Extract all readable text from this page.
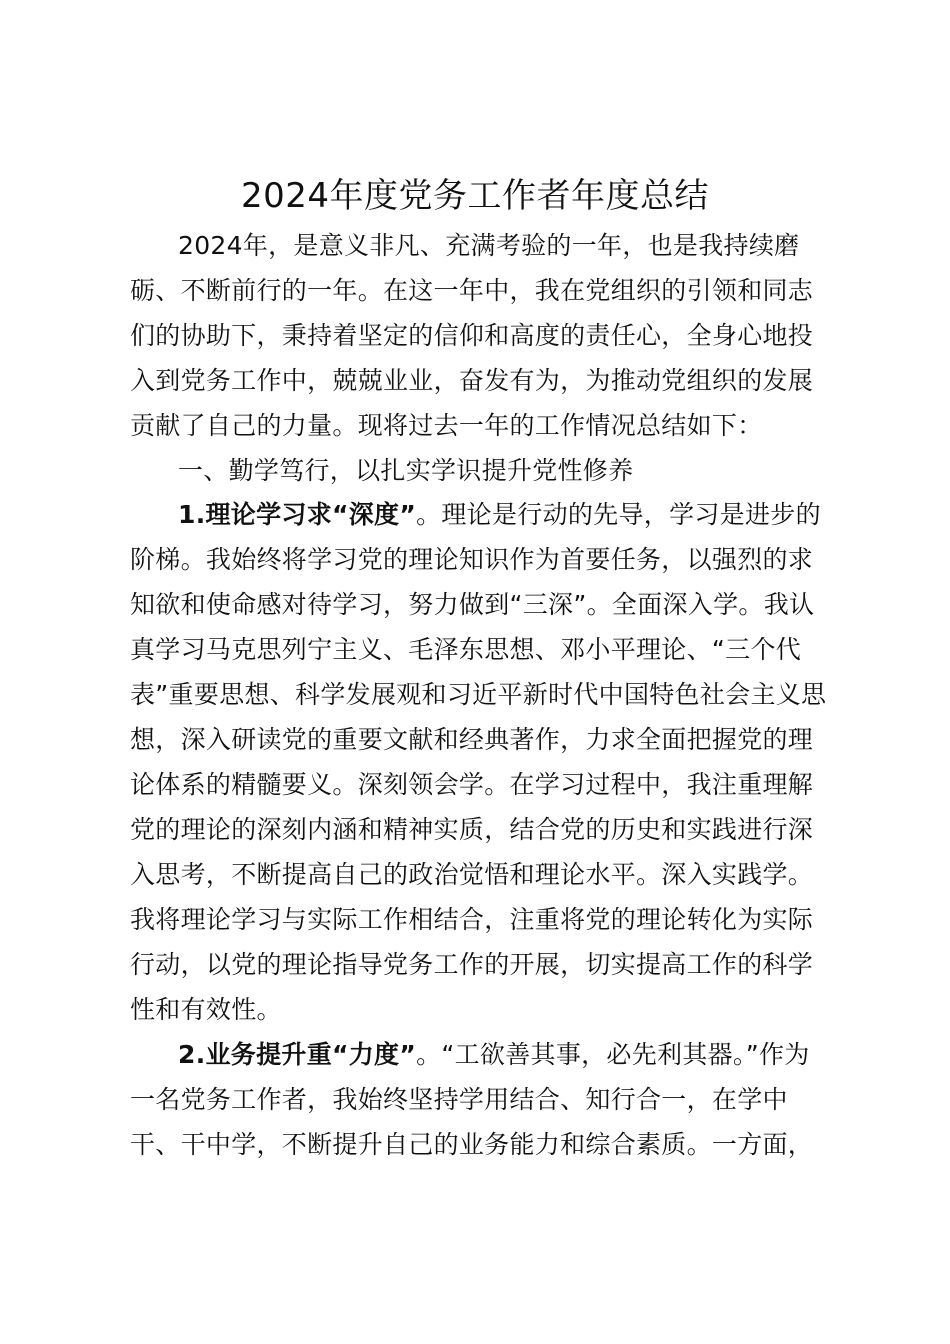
2024年度党务工作者年度总结
2024年，是意义非凡、充满考验的一年，也是我持续磨
砺、不断前行的一年。在这一年中，我在党组织的引领和同志
们的协助下，秉持着坚定的信仰和高度的责任心，全身心地投
入到党务工作中，兢兢业业，奋发有为，为推动党组织的发展
贡献了自己的力量。现将过去一年的工作情况总结如下：
一、勤学笃行，以扎实学识提升党性修养
1.理论学习求“深度”。理论是行动的先导，学习是进步的
阶梯。我始终将学习党的理论知识作为首要任务，以强烈的求
知欲和使命感对待学习，努力做到“三深”。全面深入学。我认
真学习马克思列宁主义、毛泽东思想、邓小平理论、“三个代
表”重要思想、科学发展观和习近平新时代中国特色社会主义思
想，深入研读党的重要文献和经典著作，力求全面把握党的理
论体系的精髓要义。深刻领会学。在学习过程中，我注重理解
党的理论的深刻内涵和精神实质，结合党的历史和实践进行深
入思考，不断提高自己的政治觉悟和理论水平。深入实践学。
我将理论学习与实际工作相结合，注重将党的理论转化为实际
行动，以党的理论指导党务工作的开展，切实提高工作的科学
性和有效性。
2.业务提升重“力度”。“工欲善其事，必先利其器。”作为
一名党务工作者，我始终坚持学用结合、知行合一，在学中
干、干中学，不断提升自己的业务能力和综合素质。一方面，
